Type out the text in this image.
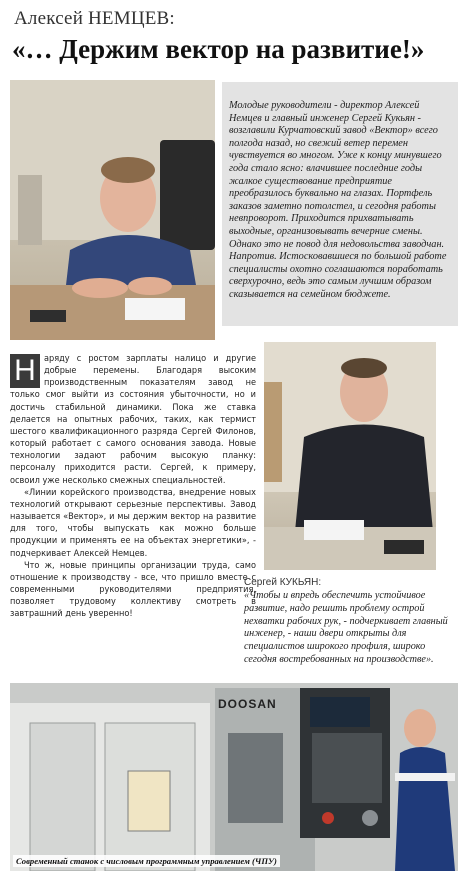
Алексей НЕМЦЕВ:
«… Держим вектор на развитие!»
Молодые руководители - директор Алексей Немцев и главный инженер Сергей Кукьян - возглавили Курчатовский завод «Вектор» всего полгода назад, но свежий ветер перемен чувствуется во многом. Уже к концу минувшего года стало ясно: влачившее последние годы жалкое существование предприятие преобразилось буквально на глазах. Портфель заказов заметно потолстел, и сегодня работы невпроворот. Приходится прихватывать выходные, организовывать вечерние смены. Однако это не повод для недовольства заводчан. Напротив. Истосковавшиеся по большой работе специалисты охотно соглашаются поработать сверхурочно, ведь это самым лучшим образом сказывается на семейном бюджете.
Н аряду с ростом зарплаты налицо и другие добрые перемены. Благодаря высоким производственным показателям завод не только смог выйти из состояния убыточности, но и достичь стабильной динамики. Пока же ставка делается на опытных рабочих, таких, как термист шестого квалификационного разряда Сергей Филонов, который работает с самого основания завода. Новые технологии задают рабочим высокую планку: персоналу приходится расти. Сергей, к примеру, освоил уже несколько смежных специальностей.

«Линии корейского производства, внедрение новых технологий открывают серьезные перспективы. Завод называется «Вектор», и мы держим вектор на развитие для того, чтобы выпускать как можно больше продукции и применять ее на объектах энергетики», - подчеркивает Алексей Немцев.

Что ж, новые принципы организации труда, само отношение к производству - все, что пришло вместе с современными руководителями предприятия, позволяет трудовому коллективу смотреть в завтрашний день уверенно!

Сергей КУКЬЯН:
«Чтобы и впредь обеспечить устойчивое развитие, надо решить проблему острой нехватки рабочих рук, - подчеркивает главный инженер, - наши двери открыты для специалистов широкого профиля, широко сегодня востребованных на производстве».
DOOSAN
Современный станок с числовым программным управлением (ЧПУ)
